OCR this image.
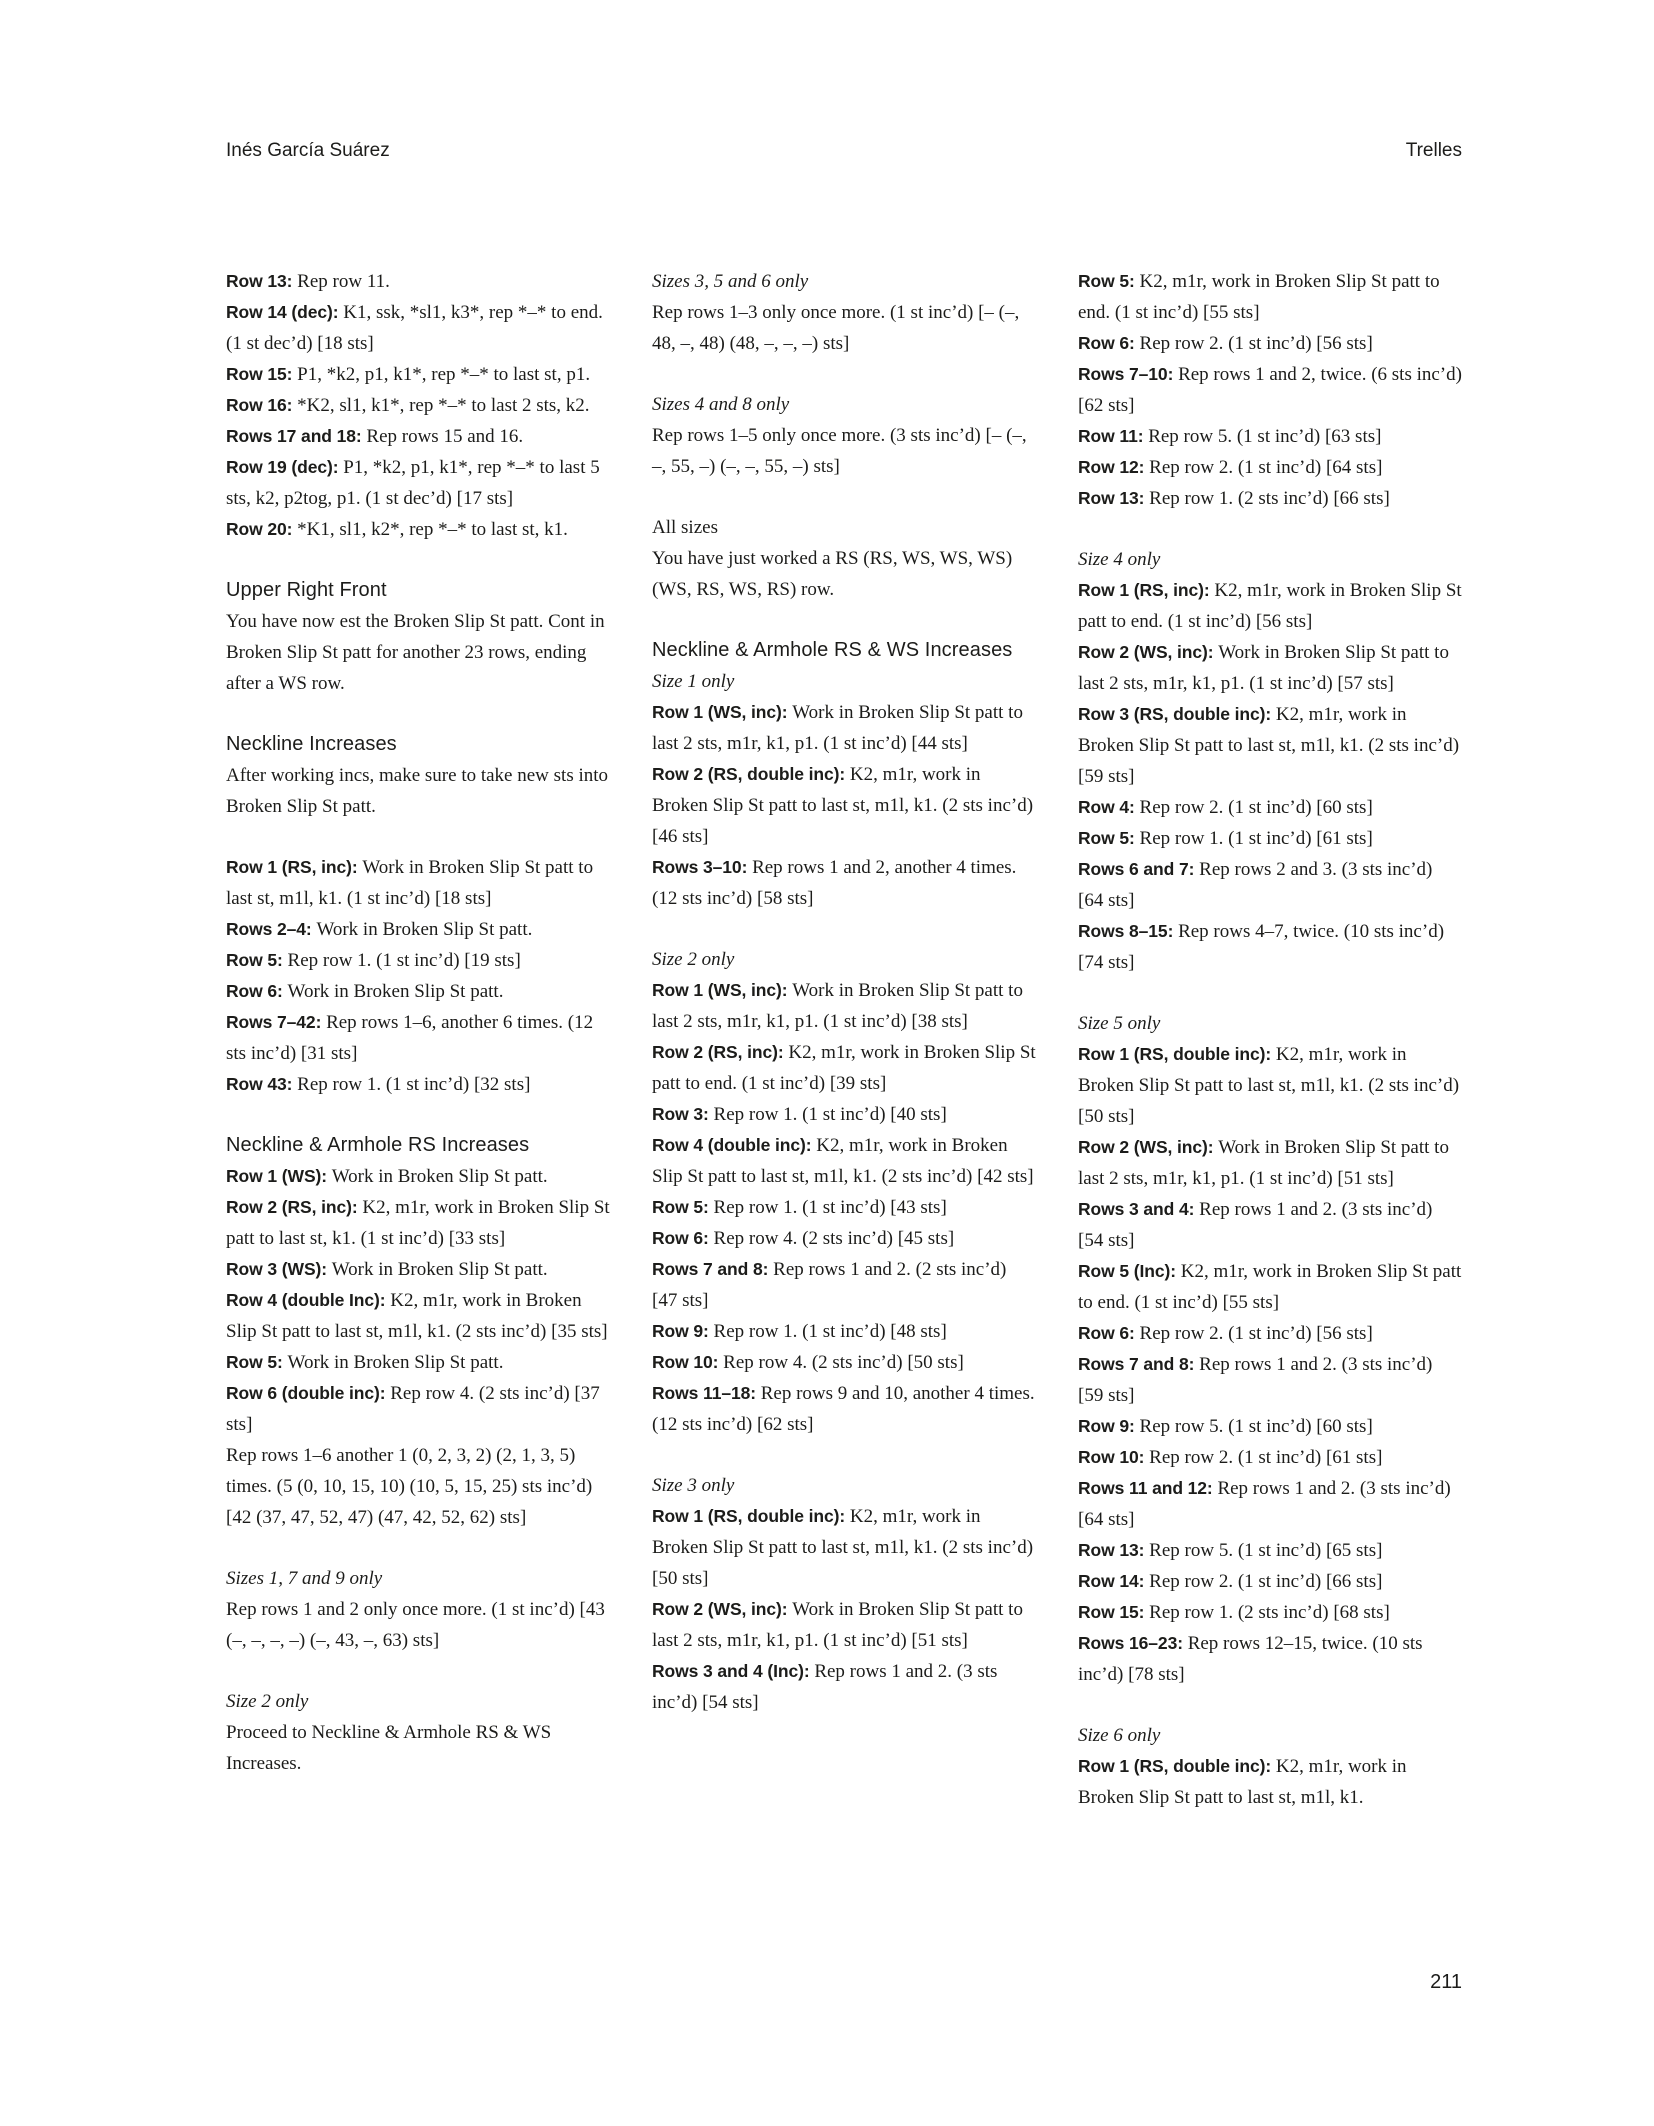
Inés García Suárez	Trelles

Row 13: Rep row 11.

Row 14 (dec): K1, ssk, *sl1, k3*, rep *–* to end. (1 st dec’d) [18 sts]

Row 15: P1, *k2, p1, k1*, rep *–* to last st, p1.

Row 16: *K2, sl1, k1*, rep *–* to last 2 sts, k2.

Rows 17 and 18: Rep rows 15 and 16.

Row 19 (dec): P1, *k2, p1, k1*, rep *–* to last 5 sts, k2, p2tog, p1. (1 st dec’d) [17 sts]

Row 20: *K1, sl1, k2*, rep *–* to last st, k1.

Upper Right Front

You have now est the Broken Slip St patt. Cont in Broken Slip St patt for another 23 rows, ending after a WS row.

Neckline Increases

After working incs, make sure to take new sts into Broken Slip St patt.

Row 1 (RS, inc): Work in Broken Slip St patt to last st, m1l, k1. (1 st inc’d) [18 sts]

Rows 2–4: Work in Broken Slip St patt.

Row 5: Rep row 1. (1 st inc’d) [19 sts]

Row 6: Work in Broken Slip St patt.

Rows 7–42: Rep rows 1–6, another 6 times. (12 sts inc’d) [31 sts]

Row 43: Rep row 1. (1 st inc’d) [32 sts]

Neckline & Armhole RS Increases

Row 1 (WS): Work in Broken Slip St patt.

Row 2 (RS, inc): K2, m1r, work in Broken Slip St patt to last st, k1. (1 st inc’d) [33 sts]

Row 3 (WS): Work in Broken Slip St patt.

Row 4 (double Inc): K2, m1r, work in Broken Slip St patt to last st, m1l, k1. (2 sts inc’d) [35 sts]

Row 5: Work in Broken Slip St patt.

Row 6 (double inc): Rep row 4. (2 sts inc’d) [37 sts]

Rep rows 1–6 another 1 (0, 2, 3, 2) (2, 1, 3, 5) times. (5 (0, 10, 15, 10) (10, 5, 15, 25) sts inc’d) [42 (37, 47, 52, 47) (47, 42, 52, 62) sts]

Sizes 1, 7 and 9 only

Rep rows 1 and 2 only once more. (1 st inc’d) [43 (–, –, –, –) (–, 43, –, 63) sts]

Size 2 only

Proceed to Neckline & Armhole RS & WS Increases.

Sizes 3, 5 and 6 only

Rep rows 1–3 only once more. (1 st inc’d) [– (–, 48, –, 48) (48, –, –, –) sts]

Sizes 4 and 8 only

Rep rows 1–5 only once more. (3 sts inc’d) [– (–, –, 55, –) (–, –, 55, –) sts]

All sizes

You have just worked a RS (RS, WS, WS, WS) (WS, RS, WS, RS) row.

Neckline & Armhole RS & WS Increases

Size 1 only

Row 1 (WS, inc): Work in Broken Slip St patt to last 2 sts, m1r, k1, p1. (1 st inc’d) [44 sts]

Row 2 (RS, double inc): K2, m1r, work in Broken Slip St patt to last st, m1l, k1. (2 sts inc’d) [46 sts]

Rows 3–10: Rep rows 1 and 2, another 4 times. (12 sts inc’d) [58 sts]

Size 2 only

Row 1 (WS, inc): Work in Broken Slip St patt to last 2 sts, m1r, k1, p1. (1 st inc’d) [38 sts]

Row 2 (RS, inc): K2, m1r, work in Broken Slip St patt to end. (1 st inc’d) [39 sts]

Row 3: Rep row 1. (1 st inc’d) [40 sts]

Row 4 (double inc): K2, m1r, work in Broken Slip St patt to last st, m1l, k1. (2 sts inc’d) [42 sts]

Row 5: Rep row 1. (1 st inc’d) [43 sts]

Row 6: Rep row 4. (2 sts inc’d) [45 sts]

Rows 7 and 8: Rep rows 1 and 2. (2 sts inc’d) [47 sts]

Row 9: Rep row 1. (1 st inc’d) [48 sts]

Row 10: Rep row 4. (2 sts inc’d) [50 sts]

Rows 11–18: Rep rows 9 and 10, another 4 times. (12 sts inc’d) [62 sts]

Size 3 only

Row 1 (RS, double inc): K2, m1r, work in Broken Slip St patt to last st, m1l, k1. (2 sts inc’d) [50 sts]

Row 2 (WS, inc): Work in Broken Slip St patt to last 2 sts, m1r, k1, p1. (1 st inc’d) [51 sts]

Rows 3 and 4 (Inc): Rep rows 1 and 2. (3 sts inc’d) [54 sts]

Row 5: K2, m1r, work in Broken Slip St patt to end. (1 st inc’d) [55 sts]

Row 6: Rep row 2. (1 st inc’d) [56 sts]

Rows 7–10: Rep rows 1 and 2, twice. (6 sts inc’d) [62 sts]

Row 11: Rep row 5. (1 st inc’d) [63 sts]

Row 12: Rep row 2. (1 st inc’d) [64 sts]

Row 13: Rep row 1. (2 sts inc’d) [66 sts]

Size 4 only

Row 1 (RS, inc): K2, m1r, work in Broken Slip St patt to end. (1 st inc’d) [56 sts]

Row 2 (WS, inc): Work in Broken Slip St patt to last 2 sts, m1r, k1, p1. (1 st inc’d) [57 sts]

Row 3 (RS, double inc): K2, m1r, work in Broken Slip St patt to last st, m1l, k1. (2 sts inc’d) [59 sts]

Row 4: Rep row 2. (1 st inc’d) [60 sts]

Row 5: Rep row 1. (1 st inc’d) [61 sts]

Rows 6 and 7: Rep rows 2 and 3. (3 sts inc’d) [64 sts]

Rows 8–15: Rep rows 4–7, twice. (10 sts inc’d) [74 sts]

Size 5 only

Row 1 (RS, double inc): K2, m1r, work in Broken Slip St patt to last st, m1l, k1. (2 sts inc’d) [50 sts]

Row 2 (WS, inc): Work in Broken Slip St patt to last 2 sts, m1r, k1, p1. (1 st inc’d) [51 sts]

Rows 3 and 4: Rep rows 1 and 2. (3 sts inc’d) [54 sts]

Row 5 (Inc): K2, m1r, work in Broken Slip St patt to end. (1 st inc’d) [55 sts]

Row 6: Rep row 2. (1 st inc’d) [56 sts]

Rows 7 and 8: Rep rows 1 and 2. (3 sts inc’d) [59 sts]

Row 9: Rep row 5. (1 st inc’d) [60 sts]

Row 10: Rep row 2. (1 st inc’d) [61 sts]

Rows 11 and 12: Rep rows 1 and 2. (3 sts inc’d) [64 sts]

Row 13: Rep row 5. (1 st inc’d) [65 sts]

Row 14: Rep row 2. (1 st inc’d) [66 sts]

Row 15: Rep row 1. (2 sts inc’d) [68 sts]

Rows 16–23: Rep rows 12–15, twice. (10 sts inc’d) [78 sts]

Size 6 only

Row 1 (RS, double inc): K2, m1r, work in Broken Slip St patt to last st, m1l, k1.

211
